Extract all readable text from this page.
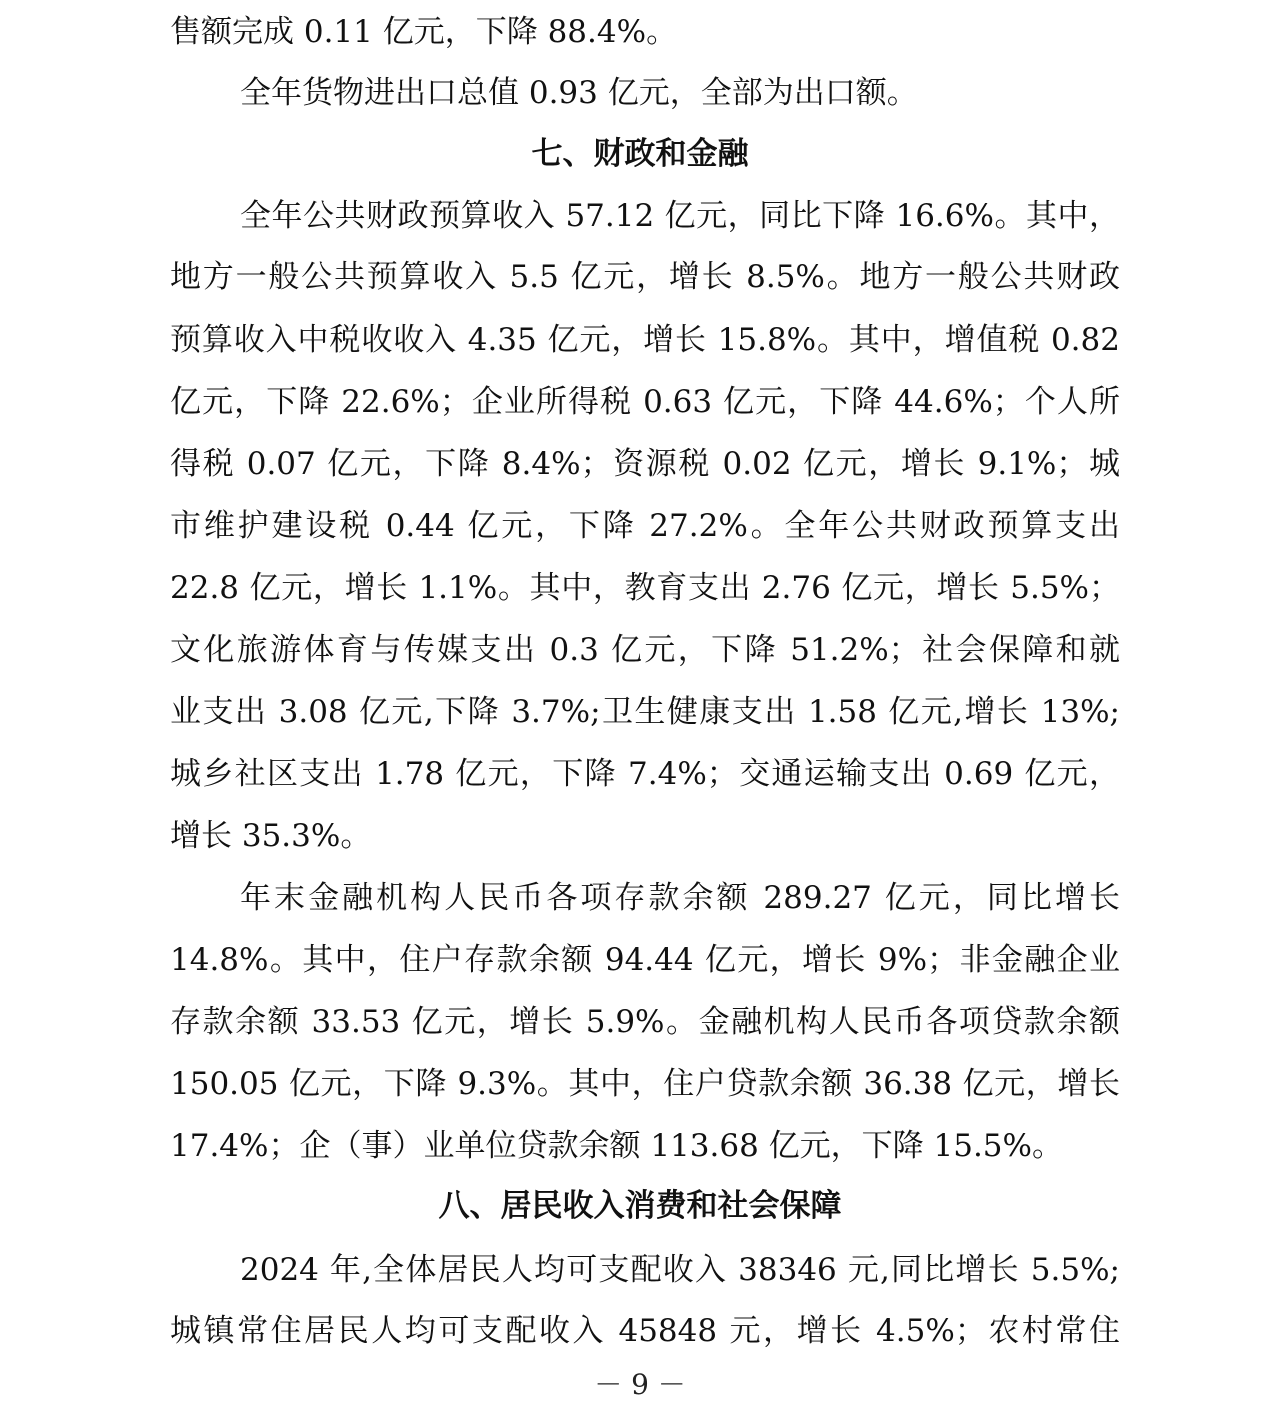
售额完成 0.11 亿元，下降 88.4%。
全年货物进出口总值 0.93 亿元，全部为出口额。
七、财政和金融
全年公共财政预算收入 57.12 亿元，同比下降 16.6%。其中，
地方一般公共预算收入 5.5 亿元，增长 8.5%。地方一般公共财政
预算收入中税收收入 4.35 亿元，增长 15.8%。其中，增值税 0.82
亿元，下降 22.6%；企业所得税 0.63 亿元，下降 44.6%；个人所
得税 0.07 亿元，下降 8.4%；资源税 0.02 亿元，增长 9.1%；城
市维护建设税 0.44 亿元，下降 27.2%。全年公共财政预算支出
22.8 亿元，增长 1.1%。其中，教育支出 2.76 亿元，增长 5.5%；
文化旅游体育与传媒支出 0.3 亿元，下降 51.2%；社会保障和就
业支出 3.08 亿元,下降 3.7%;卫生健康支出 1.58 亿元,增长 13%;
城乡社区支出 1.78 亿元，下降 7.4%；交通运输支出 0.69 亿元，
增长 35.3%。
年末金融机构人民币各项存款余额 289.27 亿元，同比增长
14.8%。其中，住户存款余额 94.44 亿元，增长 9%；非金融企业
存款余额 33.53 亿元，增长 5.9%。金融机构人民币各项贷款余额
150.05 亿元，下降 9.3%。其中，住户贷款余额 36.38 亿元，增长
17.4%；企（事）业单位贷款余额 113.68 亿元，下降 15.5%。
八、居民收入消费和社会保障
2024 年,全体居民人均可支配收入 38346 元,同比增长 5.5%;
城镇常住居民人均可支配收入 45848 元，增长 4.5%；农村常住
－ 9 －
